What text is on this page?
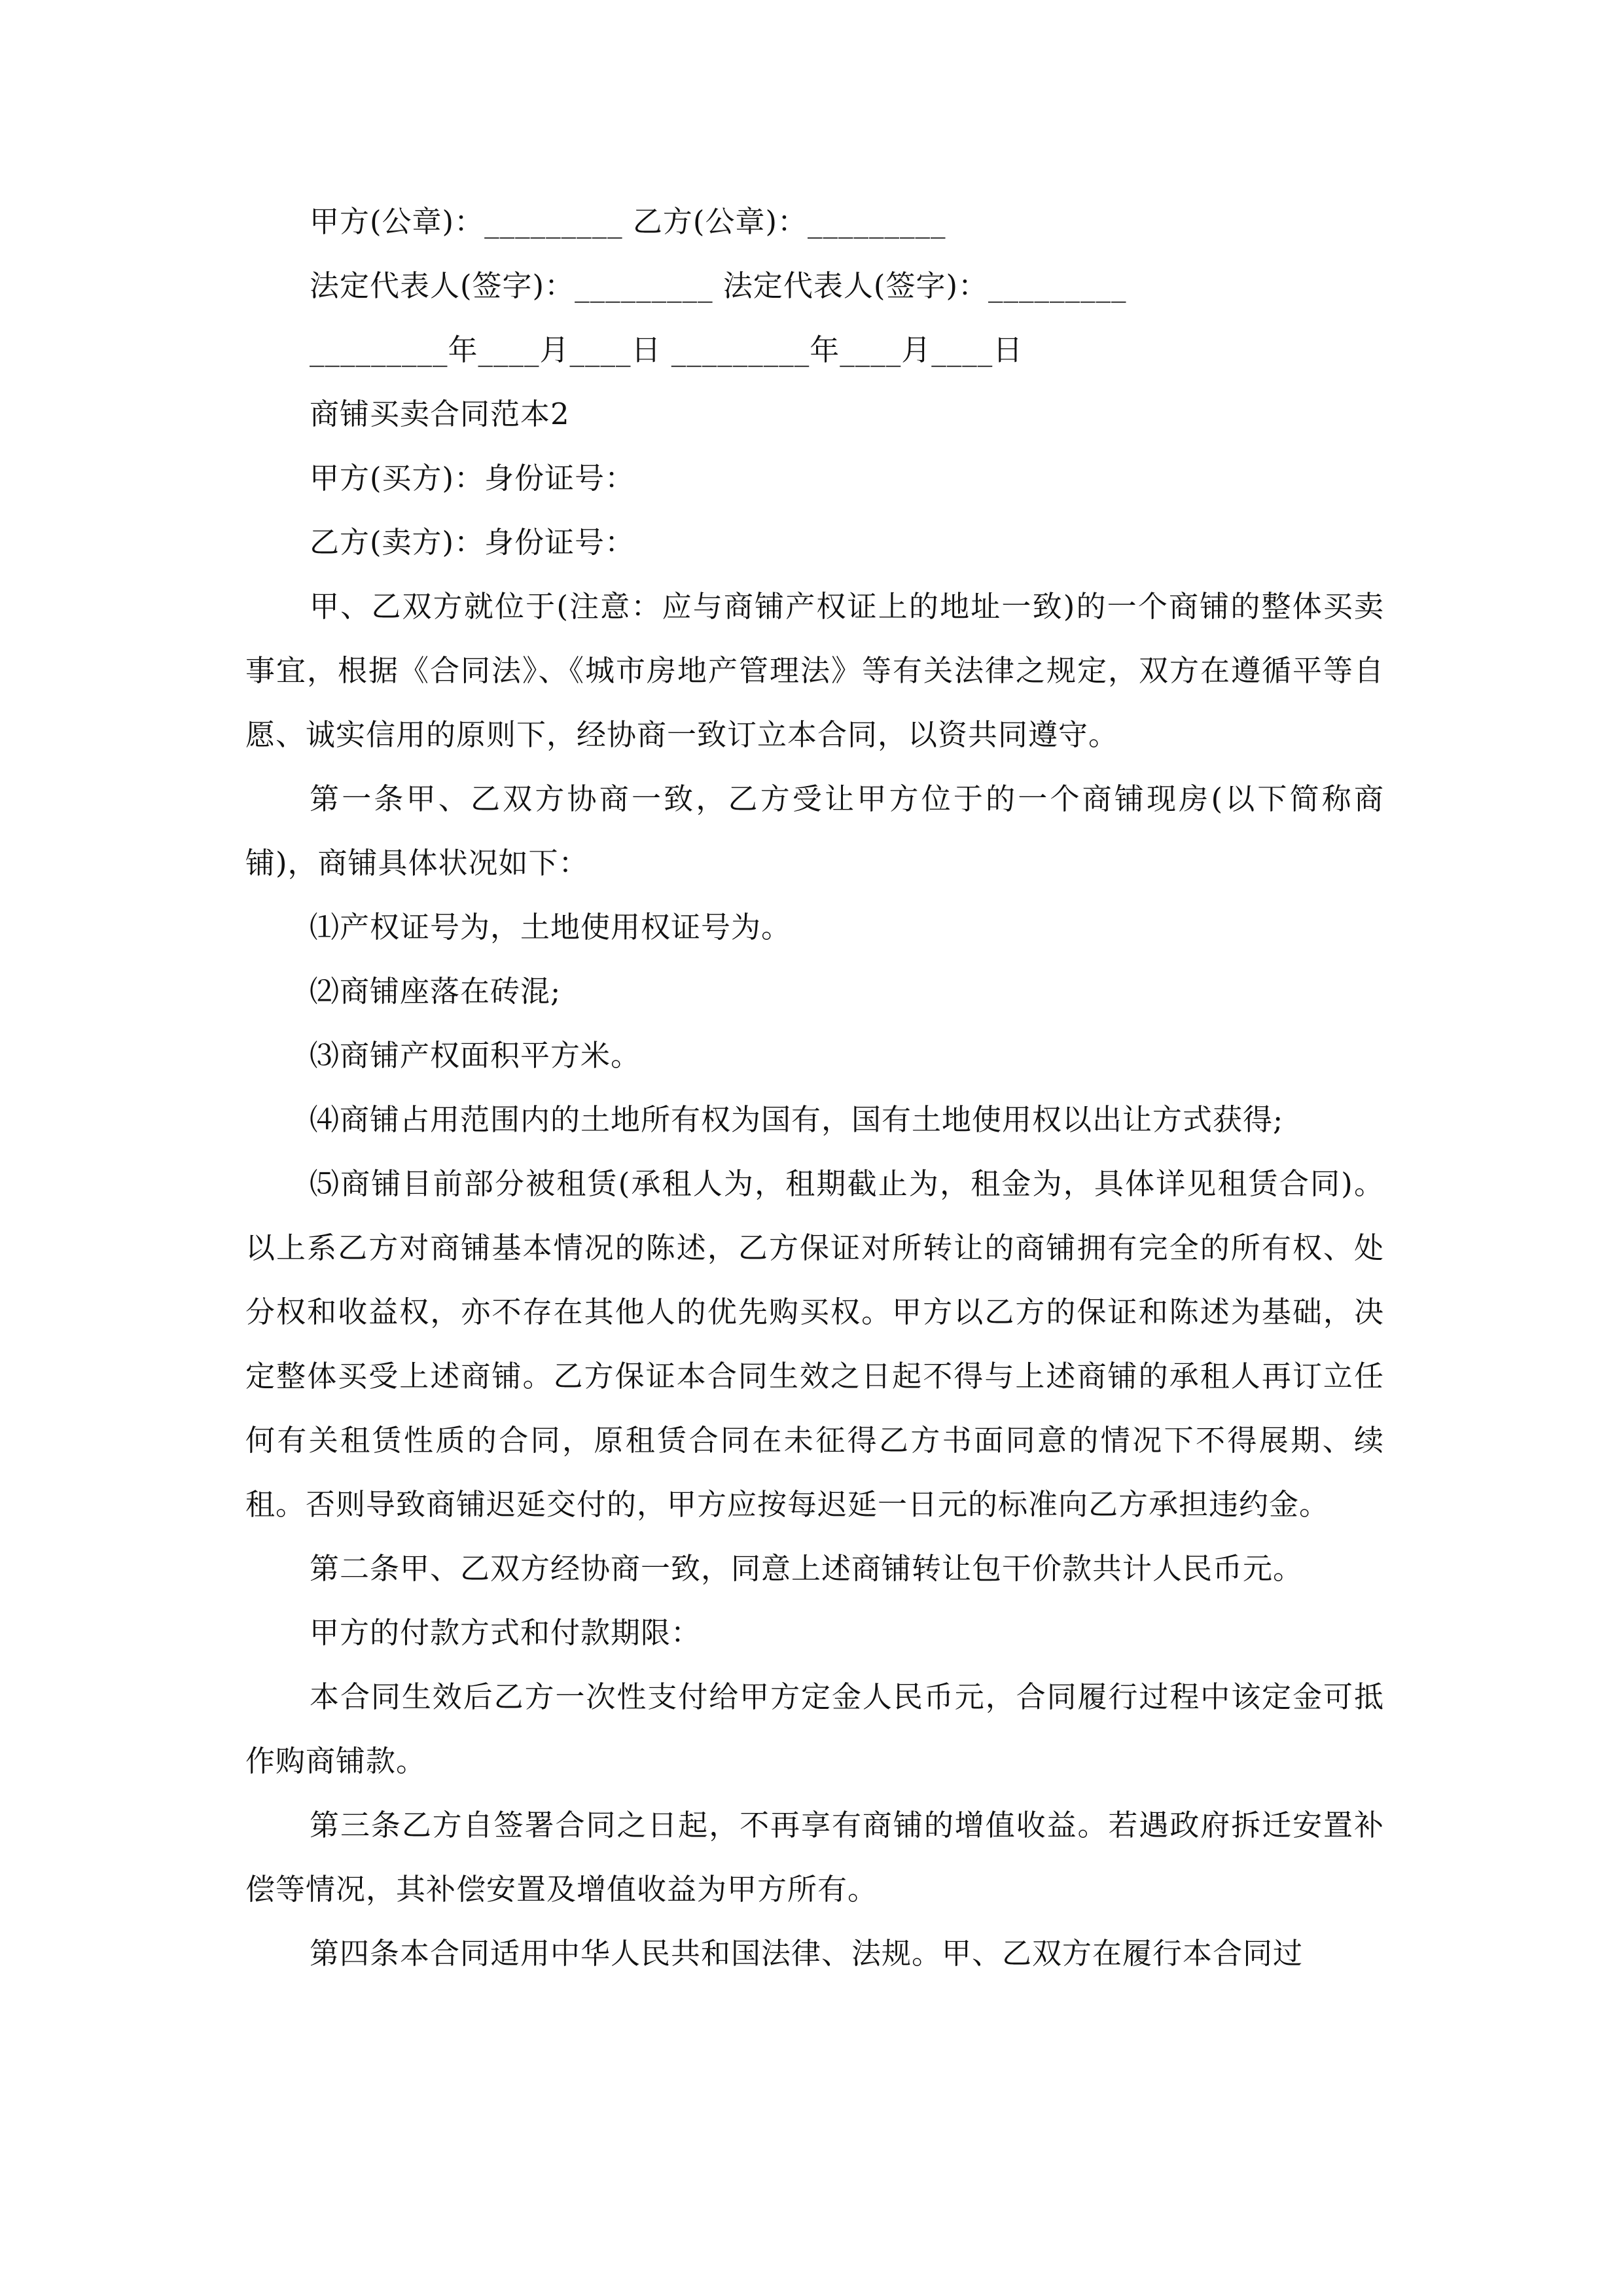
甲方(公章)：_________ 乙方(公章)：_________
法定代表人(签字)：_________ 法定代表人(签字)：_________
_________年____月____日 _________年____月____日
商铺买卖合同范本2
甲方(买方)：身份证号：
乙方(卖方)：身份证号：
甲、乙双方就位于(注意：应与商铺产权证上的地址一致)的一个商铺的整体买卖事宜，根据《合同法》、《城市房地产管理法》等有关法律之规定，双方在遵循平等自愿、诚实信用的原则下，经协商一致订立本合同，以资共同遵守。
第一条甲、乙双方协商一致，乙方受让甲方位于的一个商铺现房(以下简称商铺)，商铺具体状况如下：
⑴产权证号为，土地使用权证号为。
⑵商铺座落在砖混;
⑶商铺产权面积平方米。
⑷商铺占用范围内的土地所有权为国有，国有土地使用权以出让方式获得;
⑸商铺目前部分被租赁(承租人为，租期截止为，租金为，具体详见租赁合同)。以上系乙方对商铺基本情况的陈述，乙方保证对所转让的商铺拥有完全的所有权、处分权和收益权，亦不存在其他人的优先购买权。甲方以乙方的保证和陈述为基础，决定整体买受上述商铺。乙方保证本合同生效之日起不得与上述商铺的承租人再订立任何有关租赁性质的合同，原租赁合同在未征得乙方书面同意的情况下不得展期、续租。否则导致商铺迟延交付的，甲方应按每迟延一日元的标准向乙方承担违约金。
第二条甲、乙双方经协商一致，同意上述商铺转让包干价款共计人民币元。
甲方的付款方式和付款期限：
本合同生效后乙方一次性支付给甲方定金人民币元，合同履行过程中该定金可抵作购商铺款。
第三条乙方自签署合同之日起，不再享有商铺的增值收益。若遇政府拆迁安置补偿等情况，其补偿安置及增值收益为甲方所有。
第四条本合同适用中华人民共和国法律、法规。甲、乙双方在履行本合同过
